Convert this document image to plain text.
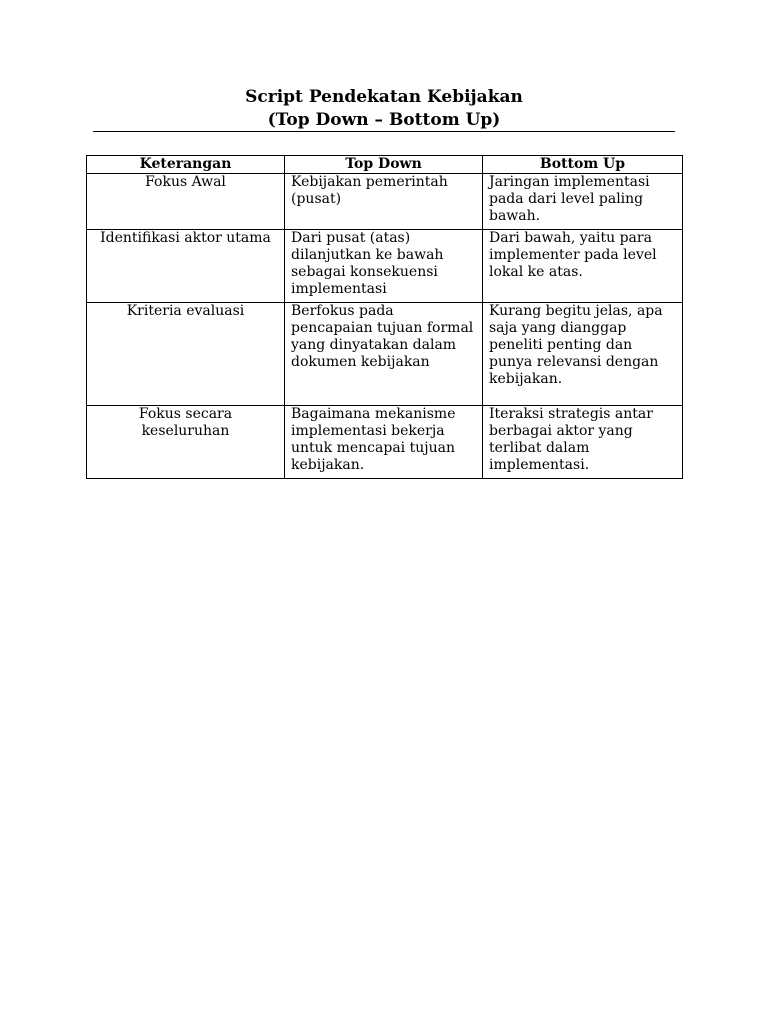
Script Pendekatan Kebijakan

(Top Down – Bottom Up)

Keterangan	Top Down	Bottom Up
Fokus Awal	Kebijakan pemerintah (pusat)	Jaringan implementasi pada dari level paling bawah.
Identifikasi aktor utama	Dari pusat (atas) dilanjutkan ke bawah sebagai konsekuensi implementasi	Dari bawah, yaitu para implementer pada level lokal ke atas.
Kriteria evaluasi	Berfokus pada pencapaian tujuan formal yang dinyatakan dalam dokumen kebijakan	Kurang begitu jelas, apa saja yang dianggap peneliti penting dan punya relevansi dengan kebijakan.
Fokus secara keseluruhan	Bagaimana mekanisme implementasi bekerja untuk mencapai tujuan kebijakan.	Iteraksi strategis antar berbagai aktor yang terlibat dalam implementasi.
